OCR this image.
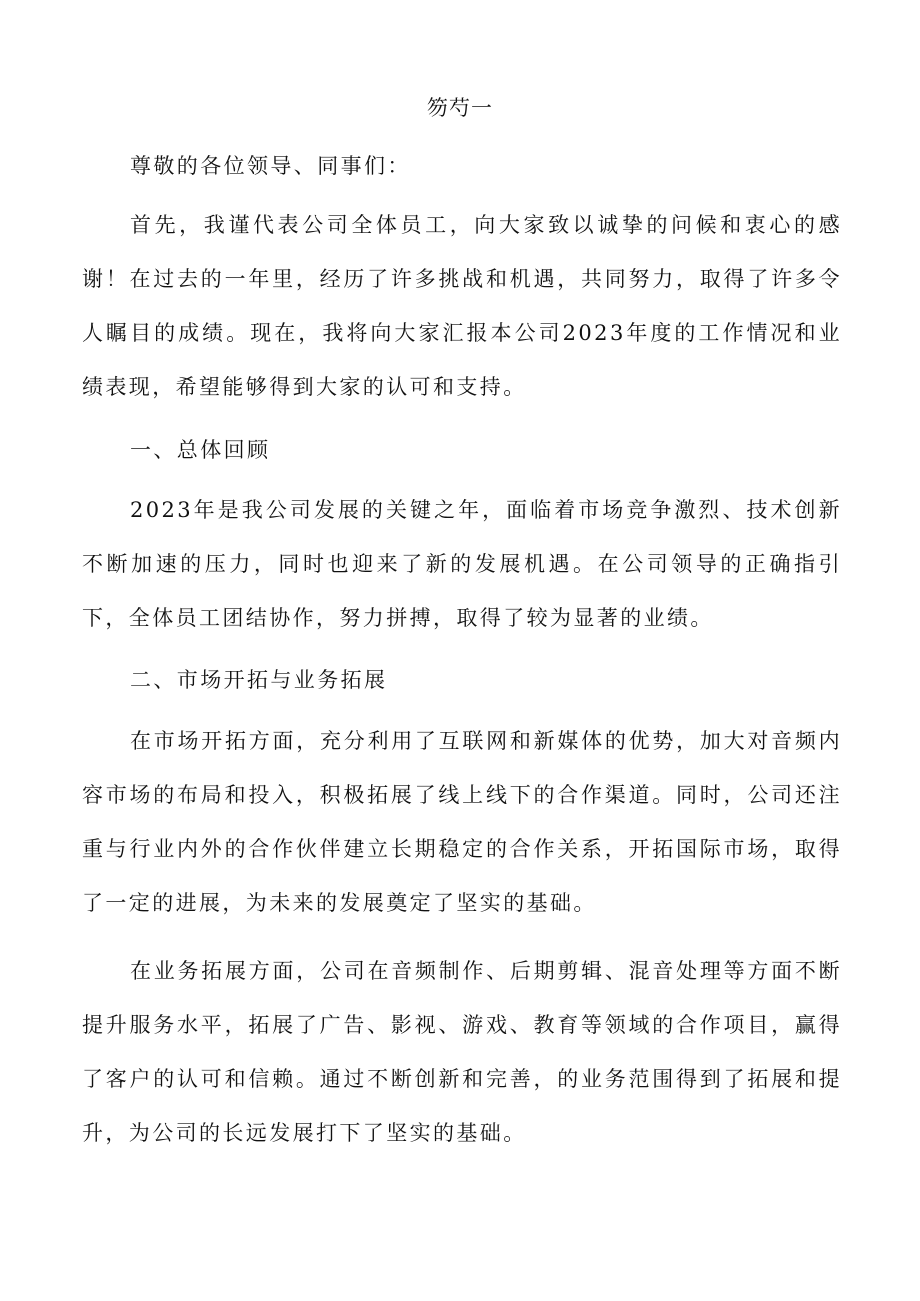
笏芍一
尊敬的各位领导、同事们：

首先，我谨代表公司全体员工，向大家致以诚挚的问候和衷心的感谢！在过去的一年里，经历了许多挑战和机遇，共同努力，取得了许多令人瞩目的成绩。现在，我将向大家汇报本公司2023年度的工作情况和业绩表现，希望能够得到大家的认可和支持。

一、总体回顾

2023年是我公司发展的关键之年，面临着市场竞争激烈、技术创新不断加速的压力，同时也迎来了新的发展机遇。在公司领导的正确指引下，全体员工团结协作，努力拼搏，取得了较为显著的业绩。

二、市场开拓与业务拓展

在市场开拓方面，充分利用了互联网和新媒体的优势，加大对音频内容市场的布局和投入，积极拓展了线上线下的合作渠道。同时，公司还注重与行业内外的合作伙伴建立长期稳定的合作关系，开拓国际市场，取得了一定的进展，为未来的发展奠定了坚实的基础。

在业务拓展方面，公司在音频制作、后期剪辑、混音处理等方面不断提升服务水平，拓展了广告、影视、游戏、教育等领域的合作项目，赢得了客户的认可和信赖。通过不断创新和完善，的业务范围得到了拓展和提升，为公司的长远发展打下了坚实的基础。
